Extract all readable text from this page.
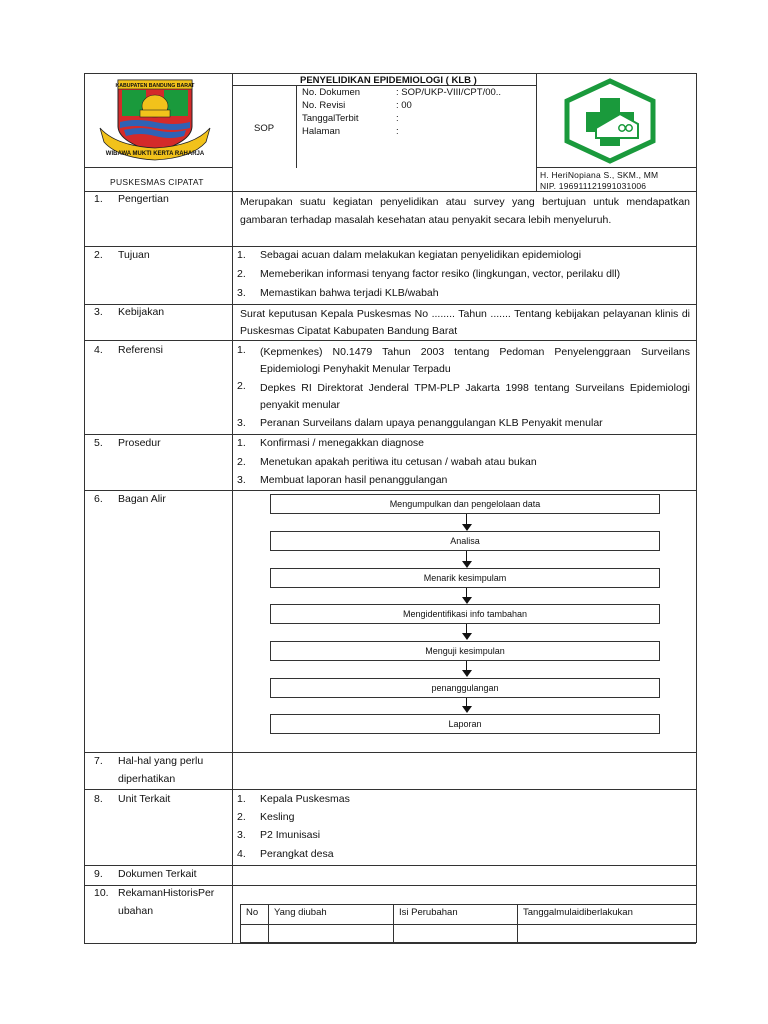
KABUPATEN BANDUNG BARAT
WIBAWA MUKTI KERTA RAHARJA
PUSKESMAS CIPATAT
SOP
PENYELIDIKAN EPIDEMIOLOGI ( KLB )
No. Dokumen	: SOP/UKP-VIII/CPT/00..
No. Revisi	: 00
TanggalTerbit	:
Halaman	:
H. HeriNopiana S., SKM., MM
NIP. 196911121991031006
1. Pengertian	Merupakan suatu kegiatan penyelidikan atau survey yang bertujuan untuk mendapatkan gambaran terhadap masalah kesehatan atau penyakit secara lebih menyeluruh.
2. Tujuan	1. Sebagai acuan dalam melakukan kegiatan penyelidikan epidemiologi
2. Memeberikan informasi tenyang factor resiko (lingkungan, vector, perilaku dll)
3. Memastikan bahwa terjadi KLB/wabah
3. Kebijakan	Surat keputusan Kepala Puskesmas No ........ Tahun ....... Tentang kebijakan pelayanan klinis di Puskesmas Cipatat Kabupaten Bandung Barat
4. Referensi	1. (Kepmenkes) N0.1479 Tahun 2003 tentang Pedoman Penyelenggraan Surveilans Epidemiologi Penyhakit Menular Terpadu
2. Depkes RI Direktorat Jenderal TPM-PLP Jakarta 1998 tentang Surveilans Epidemiologi penyakit menular
3. Peranan Surveilans dalam upaya penanggulangan KLB Penyakit menular
5. Prosedur	1. Konfirmasi / menegakkan diagnose
2. Menetukan apakah peritiwa itu cetusan / wabah atau bukan
3. Membuat laporan hasil penanggulangan
6. Bagan Alir	Mengumpulkan dan pengelolaan data
Analisa
Menarik kesimpulam
Mengidentifikasi info tambahan
Menguji kesimpulan
penanggulangan
Laporan
7. Hal-hal yang perlu
diperhatikan
8. Unit Terkait	1. Kepala Puskesmas
2. Kesling
3. P2 Imunisasi
4. Perangkat desa
9. Dokumen Terkait
10. RekamanHistorisPer
ubahan	No Yang diubah	Isi Perubahan	Tanggalmulaidiberlakukan
